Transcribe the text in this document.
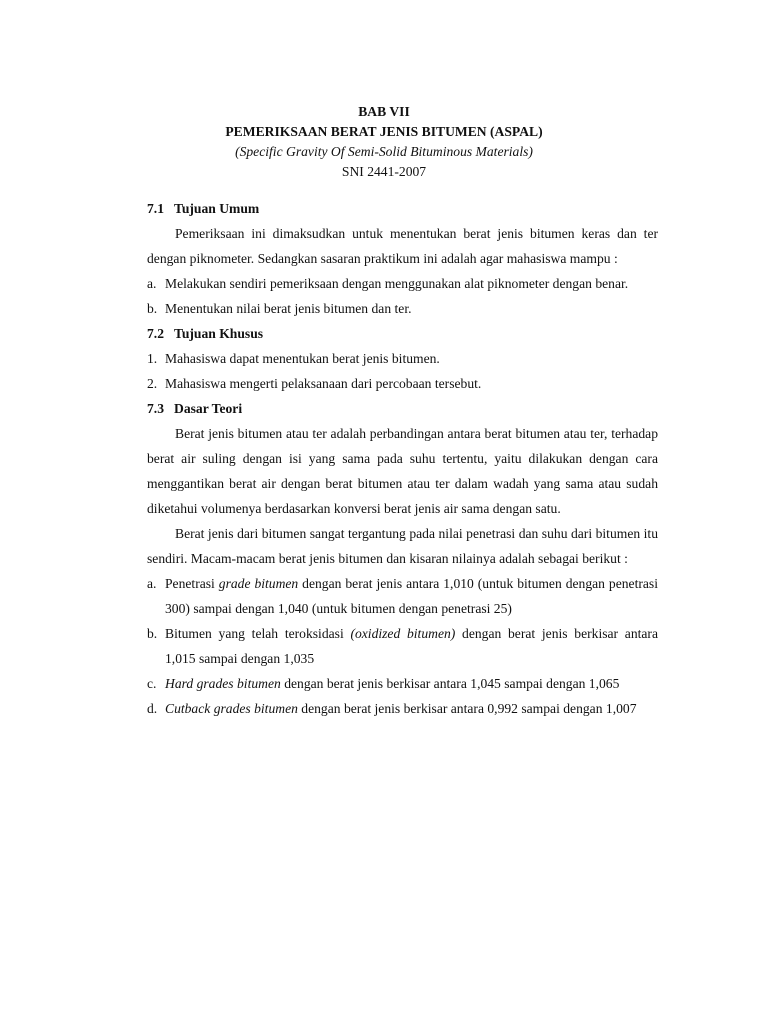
BAB VII
PEMERIKSAAN BERAT JENIS BITUMEN (ASPAL)
(Specific Gravity Of Semi-Solid Bituminous Materials)
SNI 2441-2007
7.1 Tujuan Umum

Pemeriksaan ini dimaksudkan untuk menentukan berat jenis bitumen keras dan ter dengan piknometer. Sedangkan sasaran praktikum ini adalah agar mahasiswa mampu :

a. Melakukan sendiri pemeriksaan dengan menggunakan alat piknometer dengan benar.
b. Menentukan nilai berat jenis bitumen dan ter.
7.2 Tujuan Khusus
1. Mahasiswa dapat menentukan berat jenis bitumen.
2. Mahasiswa mengerti pelaksanaan dari percobaan tersebut.
7.3 Dasar Teori

Berat jenis bitumen atau ter adalah perbandingan antara berat bitumen atau ter, terhadap berat air suling dengan isi yang sama pada suhu tertentu, yaitu dilakukan dengan cara menggantikan berat air dengan berat bitumen atau ter dalam wadah yang sama atau sudah diketahui volumenya berdasarkan konversi berat jenis air sama dengan satu.

Berat jenis dari bitumen sangat tergantung pada nilai penetrasi dan suhu dari bitumen itu sendiri. Macam-macam berat jenis bitumen dan kisaran nilainya adalah sebagai berikut :

a. Penetrasi grade bitumen dengan berat jenis antara 1,010 (untuk bitumen dengan penetrasi 300) sampai dengan 1,040 (untuk bitumen dengan penetrasi 25)
b. Bitumen yang telah teroksidasi (oxidized bitumen) dengan berat jenis berkisar antara 1,015 sampai dengan 1,035
c. Hard grades bitumen dengan berat jenis berkisar antara 1,045 sampai dengan 1,065
d. Cutback grades bitumen dengan berat jenis berkisar antara 0,992 sampai dengan 1,007
